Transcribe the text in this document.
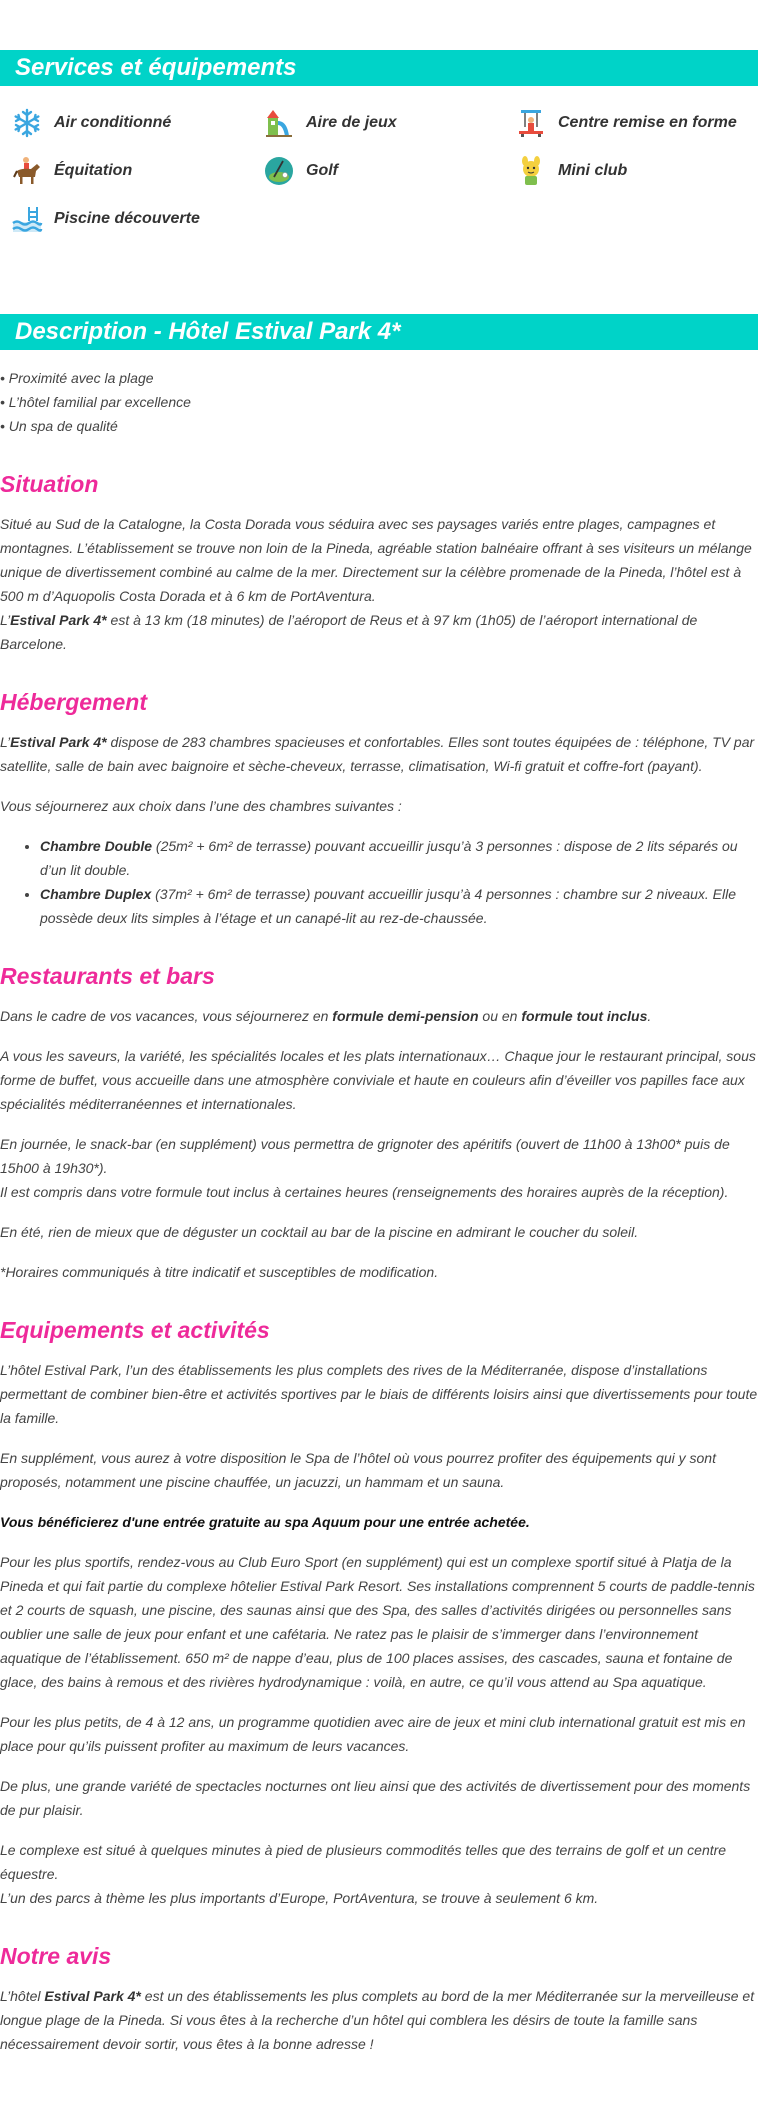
Services et équipements
Air conditionné	Aire de jeux	Centre remise en forme
Équitation	Golf	Mini club
Piscine découverte
Description - Hôtel Estival Park 4*
• Proximité avec la plage
• L’hôtel familial par excellence
• Un spa de qualité
Situation

Situé au Sud de la Catalogne, la Costa Dorada vous séduira avec ses paysages variés entre plages, campagnes et montagnes. L’établissement se trouve non loin de la Pineda, agréable station balnéaire offrant à ses visiteurs un mélange unique de divertissement combiné au calme de la mer. Directement sur la célèbre promenade de la Pineda, l’hôtel est à 500 m d’Aquopolis Costa Dorada et à 6 km de PortAventura.
L’Estival Park 4* est à 13 km (18 minutes) de l’aéroport de Reus et à 97 km (1h05) de l’aéroport international de Barcelone.

Hébergement

L’Estival Park 4* dispose de 283 chambres spacieuses et confortables. Elles sont toutes équipées de : téléphone, TV par satellite, salle de bain avec baignoire et sèche-cheveux, terrasse, climatisation, Wi-fi gratuit et coffre-fort (payant).

Vous séjournerez aux choix dans l’une des chambres suivantes :

• Chambre Double (25m² + 6m² de terrasse) pouvant accueillir jusqu’à 3 personnes : dispose de 2 lits séparés ou d’un lit double.
• Chambre Duplex (37m² + 6m² de terrasse) pouvant accueillir jusqu’à 4 personnes : chambre sur 2 niveaux. Elle possède deux lits simples à l’étage et un canapé-lit au rez-de-chaussée.
Restaurants et bars

Dans le cadre de vos vacances, vous séjournerez en formule demi-pension ou en formule tout inclus.

A vous les saveurs, la variété, les spécialités locales et les plats internationaux… Chaque jour le restaurant principal, sous forme de buffet, vous accueille dans une atmosphère conviviale et haute en couleurs afin d’éveiller vos papilles face aux spécialités méditerranéennes et internationales.

En journée, le snack-bar (en supplément) vous permettra de grignoter des apéritifs (ouvert de 11h00 à 13h00* puis de 15h00 à 19h30*).
Il est compris dans votre formule tout inclus à certaines heures (renseignements des horaires auprès de la réception).

En été, rien de mieux que de déguster un cocktail au bar de la piscine en admirant le coucher du soleil.

*Horaires communiqués à titre indicatif et susceptibles de modification.

Equipements et activités

L’hôtel Estival Park, l’un des établissements les plus complets des rives de la Méditerranée, dispose d’installations permettant de combiner bien-être et activités sportives par le biais de différents loisirs ainsi que divertissements pour toute la famille.

En supplément, vous aurez à votre disposition le Spa de l’hôtel où vous pourrez profiter des équipements qui y sont proposés, notamment une piscine chauffée, un jacuzzi, un hammam et un sauna.

Vous bénéficierez d'une entrée gratuite au spa Aquum pour une entrée achetée.

Pour les plus sportifs, rendez-vous au Club Euro Sport (en supplément) qui est un complexe sportif situé à Platja de la Pineda et qui fait partie du complexe hôtelier Estival Park Resort. Ses installations comprennent 5 courts de paddle-tennis et 2 courts de squash, une piscine, des saunas ainsi que des Spa, des salles d’activités dirigées ou personnelles sans oublier une salle de jeux pour enfant et une cafétaria. Ne ratez pas le plaisir de s’immerger dans l’environnement aquatique de l’établissement. 650 m² de nappe d’eau, plus de 100 places assises, des cascades, sauna et fontaine de glace, des bains à remous et des rivières hydrodynamique : voilà, en autre, ce qu’il vous attend au Spa aquatique.

Pour les plus petits, de 4 à 12 ans, un programme quotidien avec aire de jeux et mini club international gratuit est mis en place pour qu’ils puissent profiter au maximum de leurs vacances.

De plus, une grande variété de spectacles nocturnes ont lieu ainsi que des activités de divertissement pour des moments de pur plaisir.

Le complexe est situé à quelques minutes à pied de plusieurs commodités telles que des terrains de golf et un centre équestre.
L’un des parcs à thème les plus importants d’Europe, PortAventura, se trouve à seulement 6 km.

Notre avis

L’hôtel Estival Park 4* est un des établissements les plus complets au bord de la mer Méditerranée sur la merveilleuse et longue plage de la Pineda. Si vous êtes à la recherche d’un hôtel qui comblera les désirs de toute la famille sans nécessairement devoir sortir, vous êtes à la bonne adresse !
